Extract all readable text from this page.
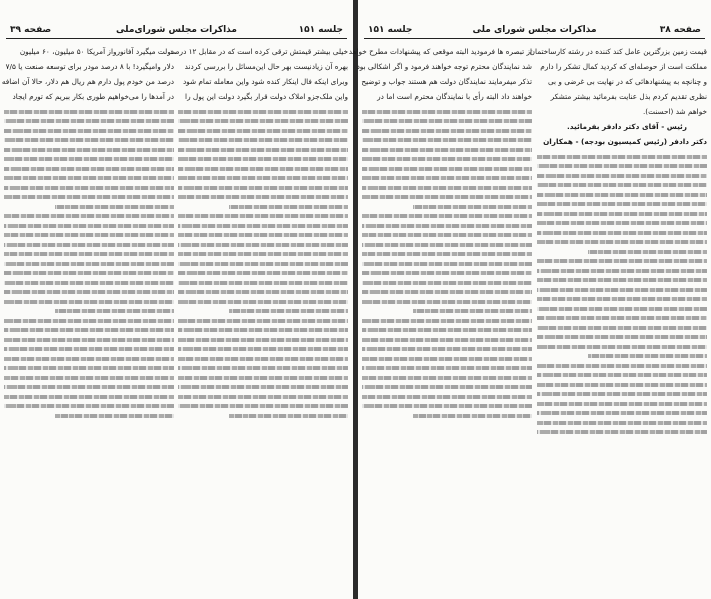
صفحه ۳۹	مذاکرات مجلس شورای‌ملی	جلسه ۱۵۱
خیلی بیشتر قیمتش ترقی کرده است که در مقابل ۱۲ درصد
بهره آن زیادنیست بهر حال این‌مسائل را بررسی کردند
وبرای اینکه فال اینکار کنده شود واین معامله تمام شود
واین ملک‌جزو املاک دولت قرار بگیرد دولت این پول را
دولت میگیرد آفانورواز آمریکا ۵۰ میلیون، ۶۰ میلیون
دلار وامیگیرد! با ۸ درصد مودر برای توسعه صنعت یا ۷/۵
درصد من خودم پول دارم هم ریال هم دلار، حالا آن اضافه
در آمدها را می‌خواهیم طوری بکار ببریم که تورم ایجاد
جلسه ۱۵۱	مذاکرات مجلس شورای ملی	صفحه ۳۸
قیمت زمین بزرگترین عامل کند کننده در رشته کارساختمان
مملکت است از حوصله‌ای که کردید کمال تشکر را دارم
و چنانچه به پیشنهادهائی که در نهایت بی غرضی و بی
نظری تقدیم کردم بذل عنایت بفرمائید بیشتر متشکر
خواهم شد (احسنت).
رئیس - آقای دکتر دادفر بفرمائید.
دکتر دادفر (رئیس کمیسیون بودجه) - همکاران
از تبصره ها فرمودید البته موقعی که پیشنهادات مطرح خواهد
شد نمایندگان محترم توجه خواهند فرمود و اگر اشکالی بود
تذکر میفرمایند نمایندگان دولت هم هستند جواب و توضیح
خواهند داد البته رأی با نمایندگان محترم است اما در
